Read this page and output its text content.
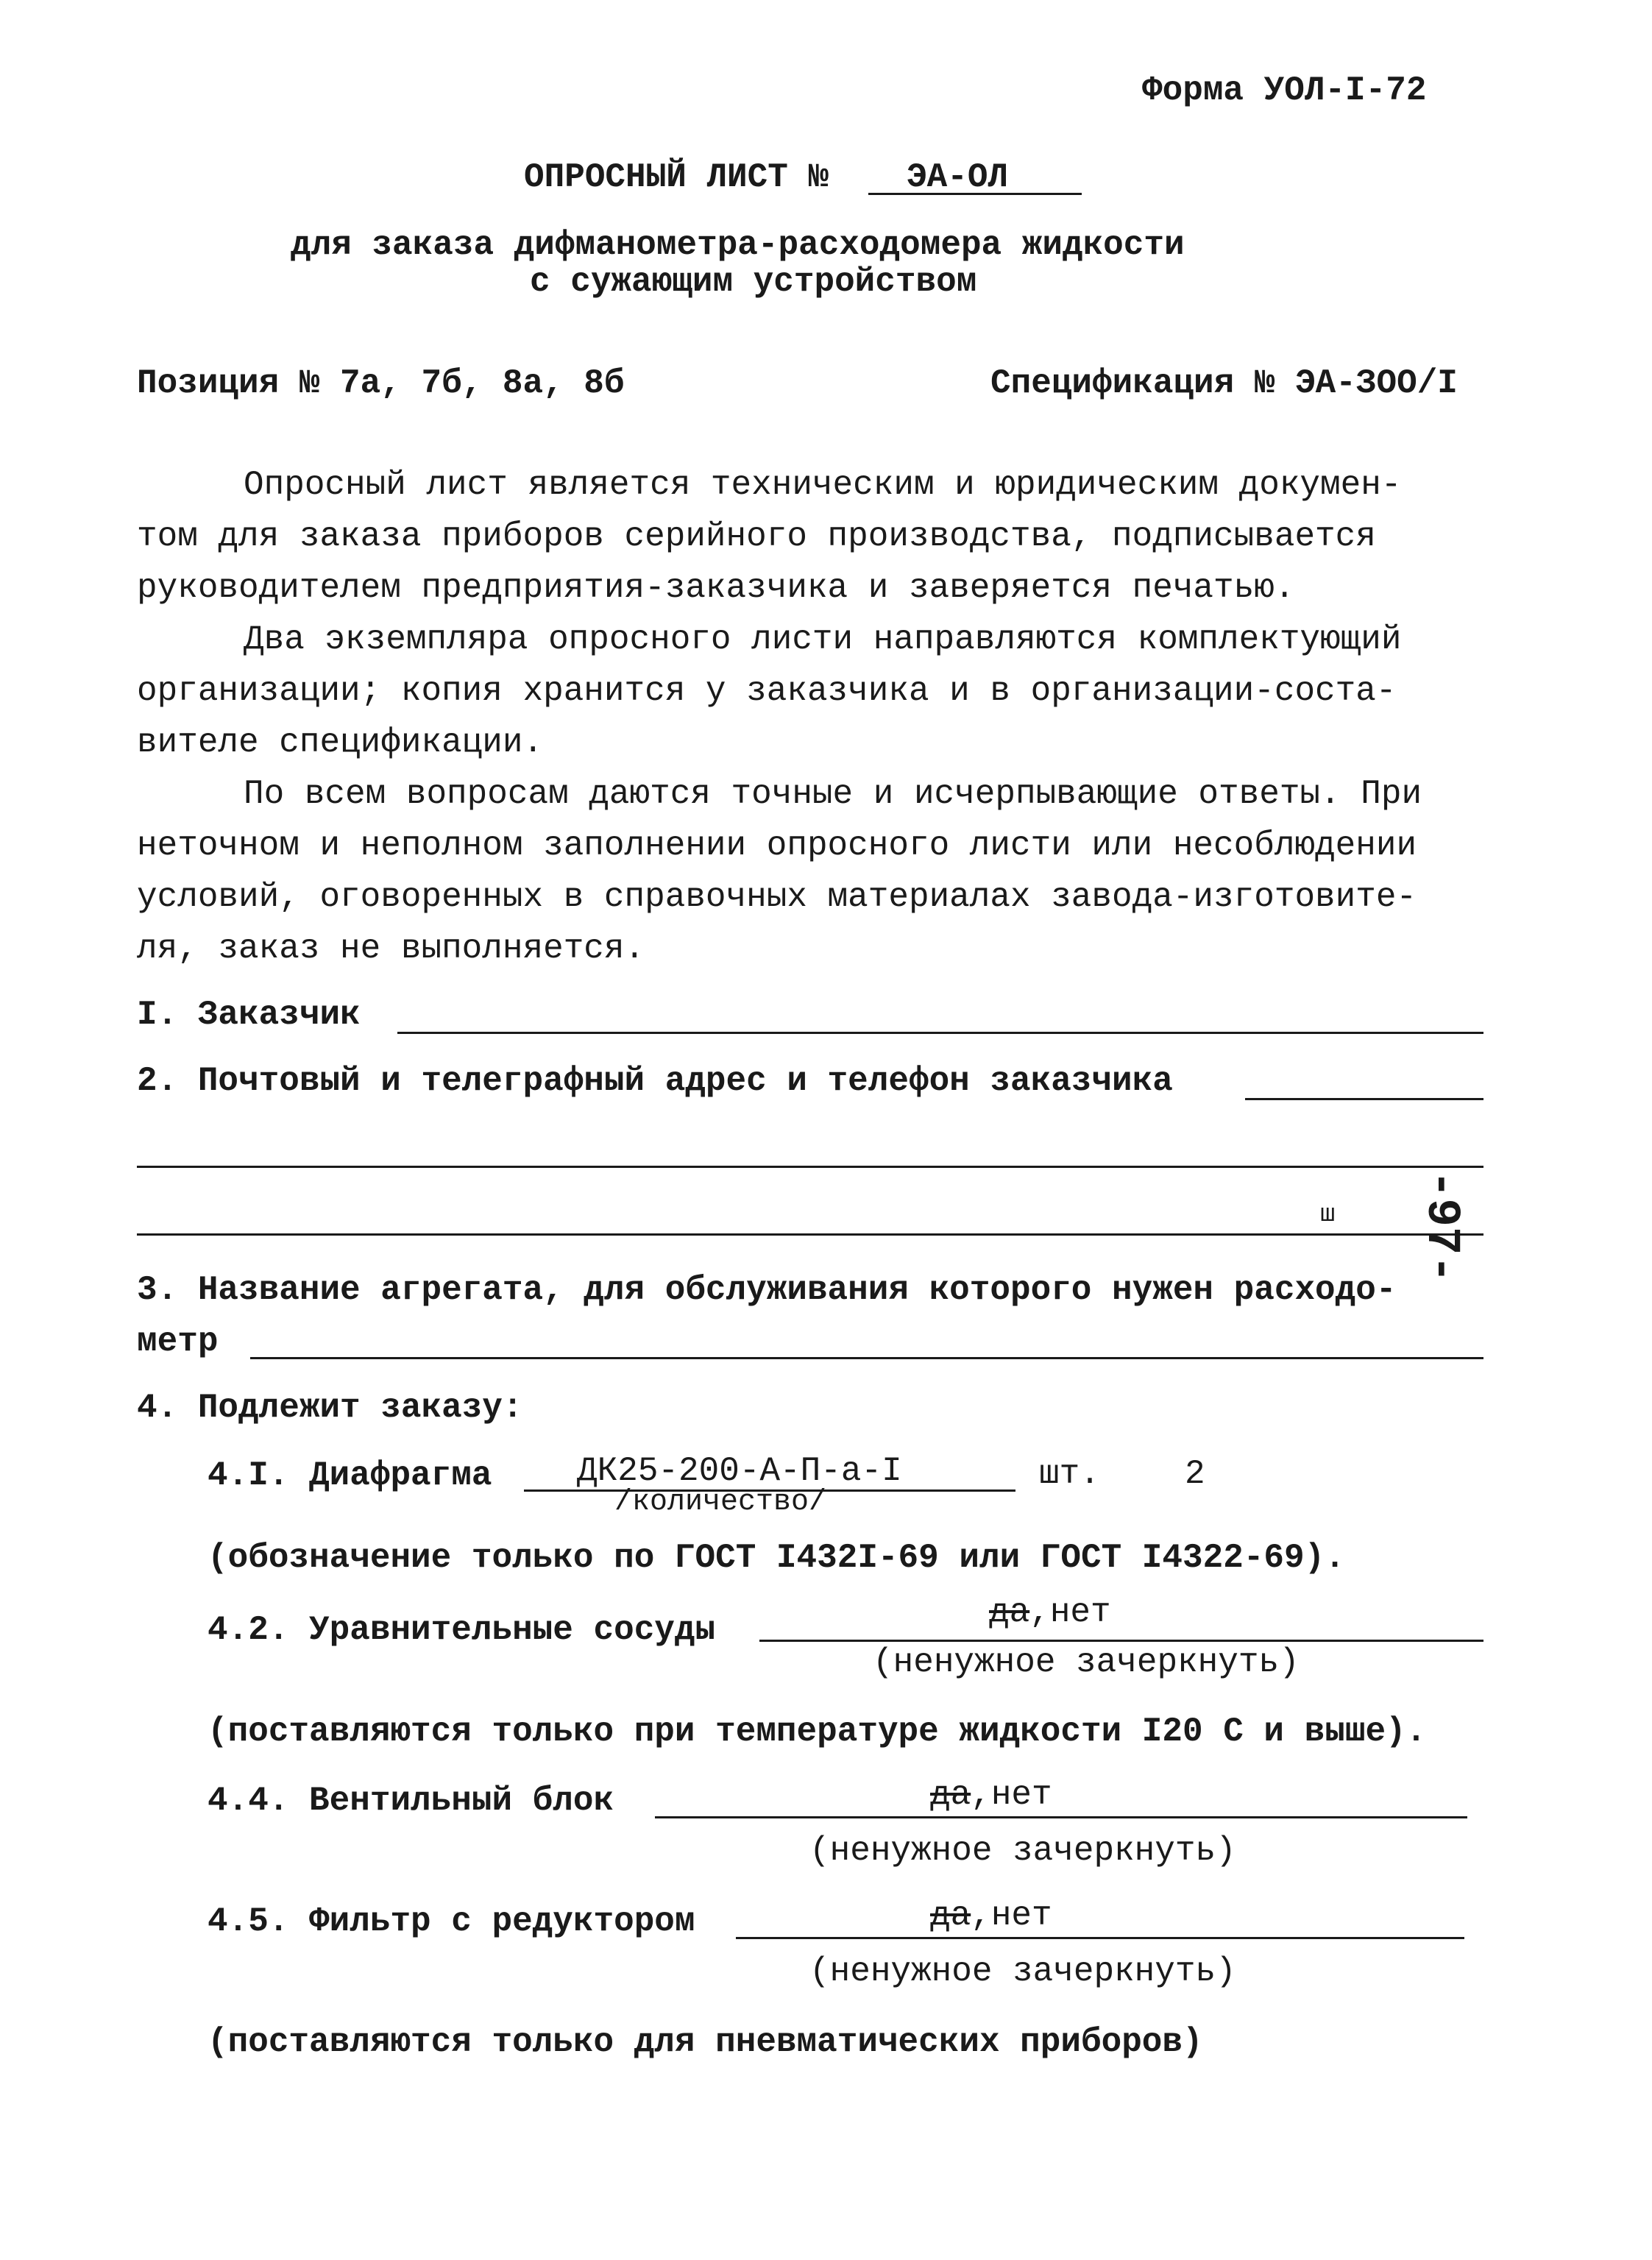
Форма УОЛ-I-72
ОПРОСНЫЙ ЛИСТ № ЭА-ОЛ
для заказа дифманометра-расходомера жидкости
с сужающим устройством
Позиция № 7а, 7б, 8а, 8б	Спецификация № ЭА-ЗОО/I
Опросный лист является техническим и юридическим докумен-
том для заказа приборов серийного производства, подписывается
руководителем предприятия-заказчика и заверяется печатью.
Два экземпляра опросного листи направляются комплектующий
организации; копия хранится у заказчика и в организации-соста-
вителе спецификации.
По всем вопросам даются точные и исчерпывающие ответы. При
неточном и неполном заполнении опросного листи или несоблюдении
условий, оговоренных в справочных материалах завода-изготовите-
ля, заказ не выполняется.
I. Заказчик
2. Почтовый и телеграфный адрес и телефон заказчика
ш -97-
3. Название агрегата, для обслуживания которого нужен расходо-
метр
4. Подлежит заказу:
4.I. Диафрагма	ДК25-200-А-П-а-I
/количество/
шт.	2
(обозначение только по ГОСТ I432I-69 или ГОСТ I4322-69).
4.2. Уравнительные сосуды	да,нет
(ненужное зачеркнуть)
(поставляются только при температуре жидкости I20 С и выше).
4.4. Вентильный блок	да,нет
(ненужное зачеркнуть)
4.5. Фильтр с редуктором	да,нет
(ненужное зачеркнуть)
(поставляются только для пневматических приборов)
